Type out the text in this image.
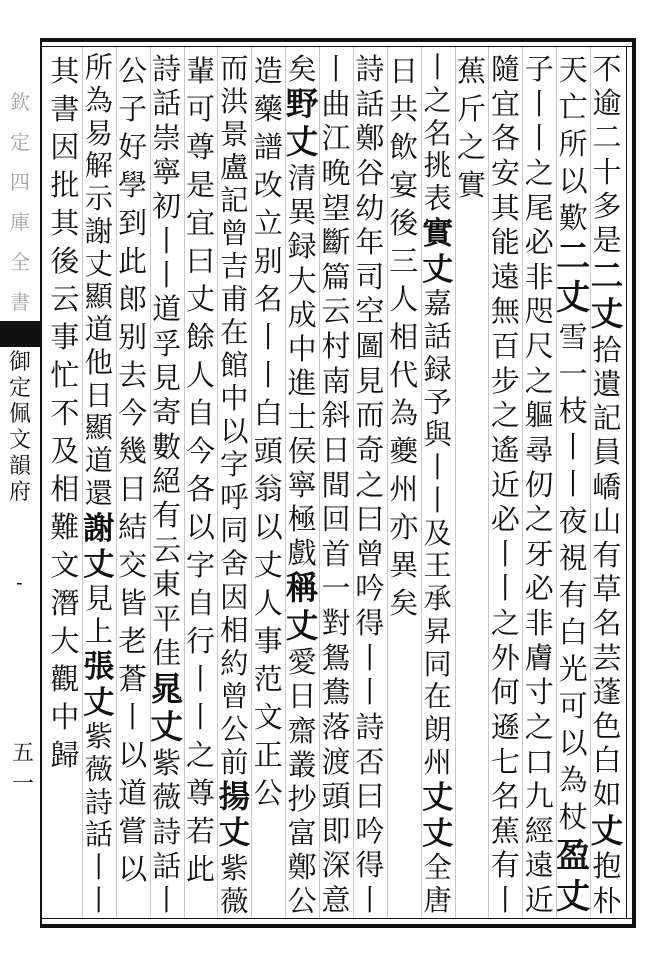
欽
定
四
庫
全
書
御
定
佩
文
韻
府
-
五一
不
逾
二
十
多
是
二
丈
拾
遺
記
員
嶠
山
有
草
名
芸
蓬
色
白
如
丈
抱
朴
天
亡
所
以
歎
二
丈
雪
一
枝
丨
丨
夜
視
有
白
光
可
以
為
杖
盈
丈
子
丨
丨
之
尾
必
非
咫
尺
之
軀
尋
仞
之
牙
必
非
膚
寸
之
口
九
經
遠
近
隨
宜
各
安
其
能
遠
無
百
步
之
遙
近
必
丨
丨
之
外
何
遜
七
名
蕉
有
丨
蕉
斤
之
實
丨
之
名
挑
表
實
丈
嘉
話
録
予
與
丨
丨
及
王
承
昇
同
在
朗
州
丈
丈
全
唐
日
共
飲
宴
後
三
人
相
代
為
夔
州
亦
異
矣
詩
話
鄭
谷
幼
年
司
空
圖
見
而
奇
之
曰
曾
吟
得
丨
丨
詩
否
曰
吟
得
丨
丨
曲
江
晚
望
斷
篇
云
村
南
斜
日
間
回
首
一
對
鴛
鴦
落
渡
頭
即
深
意
矣
野
丈
清
異
録
大
成
中
進
士
侯
寧
極
戲
稱
丈
愛
日
齋
叢
抄
富
鄭
公
造
藥
譜
改
立
别
名
丨
丨
白
頭
翁
以
丈
人
事
范
文
正
公
而
洪
景
盧
記
曾
吉
甫
在
館
中
以
字
呼
同
舍
因
相
約
曾
公
前
揚
丈
紫
薇
輩
可
尊
是
宜
曰
丈
餘
人
自
今
各
以
字
自
行
丨
丨
之
尊
若
此
詩
話
崇
寧
初
丨
丨
道
孚
見
寄
數
絕
有
云
東
平
佳
晁
丈
紫
薇
詩
話
丨
公
子
好
學
到
此
郎
别
去
今
幾
日
結
交
皆
老
蒼
丨
以
道
嘗
以
所
為
易
解
示
謝
丈
顯
道
他
日
顯
道
還
謝
丈
見
上
張
丈
紫
薇
詩
話
丨
丨
其
書
因
批
其
後
云
事
忙
不
及
相
難
文
潛
大
觀
中
歸
